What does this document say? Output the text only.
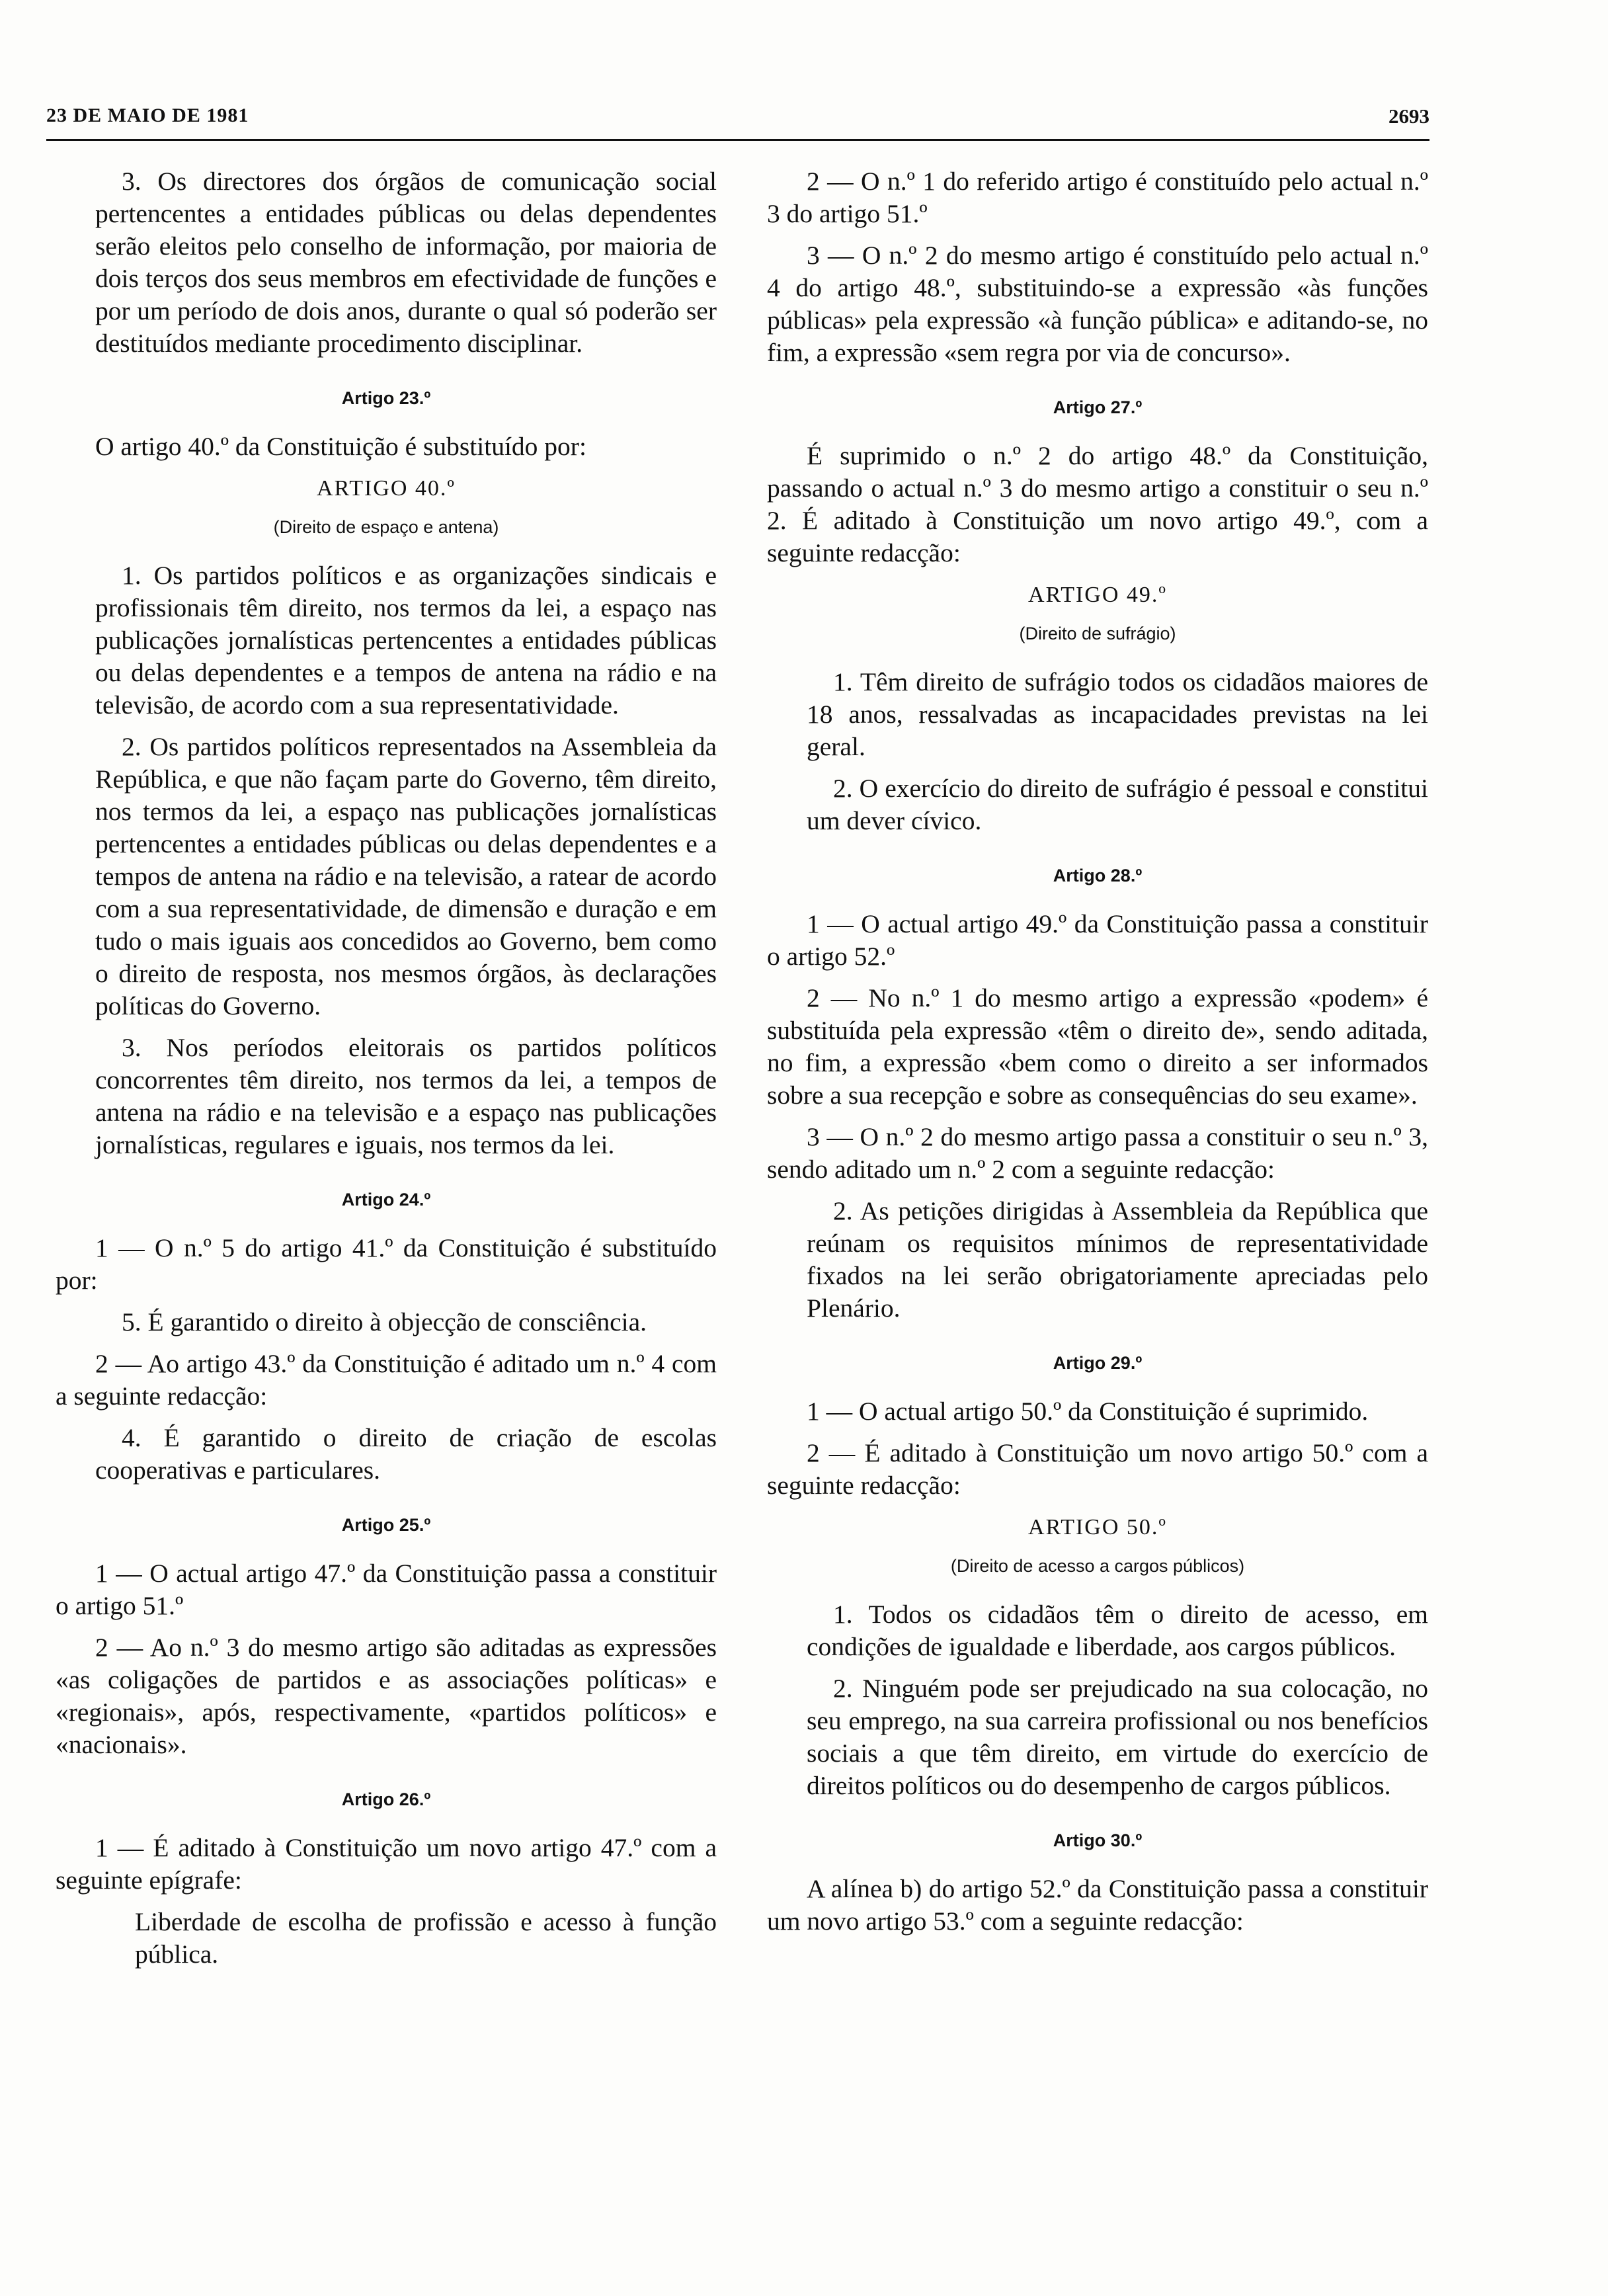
23 DE MAIO DE 1981	2693

3. Os directores dos órgãos de comunicação social pertencentes a entidades públicas ou delas dependentes serão eleitos pelo conselho de informação, por maioria de dois terços dos seus membros em efectividade de funções e por um período de dois anos, durante o qual só poderão ser destituídos mediante procedimento disciplinar.

Artigo 23.º

O artigo 40.º da Constituição é substituído por:

ARTIGO 40.º
(Direito de espaço e antena)

1. Os partidos políticos e as organizações sindicais e profissionais têm direito, nos termos da lei, a espaço nas publicações jornalísticas pertencentes a entidades públicas ou delas dependentes e a tempos de antena na rádio e na televisão, de acordo com a sua representatividade.

2. Os partidos políticos representados na Assembleia da República, e que não façam parte do Governo, têm direito, nos termos da lei, a espaço nas publicações jornalísticas pertencentes a entidades públicas ou delas dependentes e a tempos de antena na rádio e na televisão, a ratear de acordo com a sua representatividade, de dimensão e duração e em tudo o mais iguais aos concedidos ao Governo, bem como o direito de resposta, nos mesmos órgãos, às declarações políticas do Governo.

3. Nos períodos eleitorais os partidos políticos concorrentes têm direito, nos termos da lei, a tempos de antena na rádio e na televisão e a espaço nas publicações jornalísticas, regulares e iguais, nos termos da lei.

Artigo 24.º

1 — O n.º 5 do artigo 41.º da Constituição é substituído por:

5. É garantido o direito à objecção de consciência.

2 — Ao artigo 43.º da Constituição é aditado um n.º 4 com a seguinte redacção:

4. É garantido o direito de criação de escolas cooperativas e particulares.

Artigo 25.º

1 — O actual artigo 47.º da Constituição passa a constituir o artigo 51.º

2 — Ao n.º 3 do mesmo artigo são aditadas as expressões «as coligações de partidos e as associações políticas» e «regionais», após, respectivamente, «partidos políticos» e «nacionais».

Artigo 26.º

1 — É aditado à Constituição um novo artigo 47.º com a seguinte epígrafe:

Liberdade de escolha de profissão e acesso à função pública.

2 — O n.º 1 do referido artigo é constituído pelo actual n.º 3 do artigo 51.º

3 — O n.º 2 do mesmo artigo é constituído pelo actual n.º 4 do artigo 48.º, substituindo-se a expressão «às funções públicas» pela expressão «à função pública» e aditando-se, no fim, a expressão «sem regra por via de concurso».

Artigo 27.º

É suprimido o n.º 2 do artigo 48.º da Constituição, passando o actual n.º 3 do mesmo artigo a constituir o seu n.º 2. É aditado à Constituição um novo artigo 49.º, com a seguinte redacção:

ARTIGO 49.º
(Direito de sufrágio)

1. Têm direito de sufrágio todos os cidadãos maiores de 18 anos, ressalvadas as incapacidades previstas na lei geral.

2. O exercício do direito de sufrágio é pessoal e constitui um dever cívico.

Artigo 28.º

1 — O actual artigo 49.º da Constituição passa a constituir o artigo 52.º

2 — No n.º 1 do mesmo artigo a expressão «podem» é substituída pela expressão «têm o direito de», sendo aditada, no fim, a expressão «bem como o direito a ser informados sobre a sua recepção e sobre as consequências do seu exame».

3 — O n.º 2 do mesmo artigo passa a constituir o seu n.º 3, sendo aditado um n.º 2 com a seguinte redacção:

2. As petições dirigidas à Assembleia da República que reúnam os requisitos mínimos de representatividade fixados na lei serão obrigatoriamente apreciadas pelo Plenário.

Artigo 29.º

1 — O actual artigo 50.º da Constituição é suprimido.

2 — É aditado à Constituição um novo artigo 50.º com a seguinte redacção:

ARTIGO 50.º
(Direito de acesso a cargos públicos)

1. Todos os cidadãos têm o direito de acesso, em condições de igualdade e liberdade, aos cargos públicos.

2. Ninguém pode ser prejudicado na sua colocação, no seu emprego, na sua carreira profissional ou nos benefícios sociais a que têm direito, em virtude do exercício de direitos políticos ou do desempenho de cargos públicos.

Artigo 30.º

A alínea b) do artigo 52.º da Constituição passa a constituir um novo artigo 53.º com a seguinte redacção:
